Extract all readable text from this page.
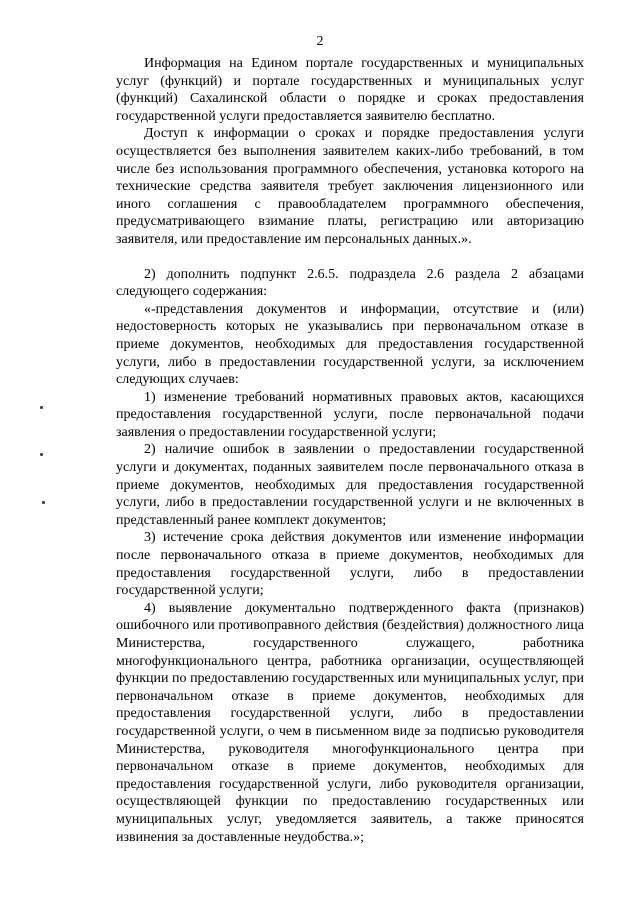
2

Информация на Едином портале государственных и муниципальных услуг (функций) и портале государственных и муниципальных услуг (функций) Сахалинской области о порядке и сроках предоставления государственной услуги предоставляется заявителю бесплатно.

Доступ к информации о сроках и порядке предоставления услуги осуществляется без выполнения заявителем каких-либо требований, в том числе без использования программного обеспечения, установка которого на технические средства заявителя требует заключения лицензионного или иного соглашения с правообладателем программного обеспечения, предусматривающего взимание платы, регистрацию или авторизацию заявителя, или предоставление им персональных данных.».

2) дополнить подпункт 2.6.5. подраздела 2.6 раздела 2 абзацами следующего содержания:

«-представления документов и информации, отсутствие и (или) недостоверность которых не указывались при первоначальном отказе в приеме документов, необходимых для предоставления государственной услуги, либо в предоставлении государственной услуги, за исключением следующих случаев:

1) изменение требований нормативных правовых актов, касающихся предоставления государственной услуги, после первоначальной подачи заявления о предоставлении государственной услуги;

2) наличие ошибок в заявлении о предоставлении государственной услуги и документах, поданных заявителем после первоначального отказа в приеме документов, необходимых для предоставления государственной услуги, либо в предоставлении государственной услуги и не включенных в представленный ранее комплект документов;

3) истечение срока действия документов или изменение информации после первоначального отказа в приеме документов, необходимых для предоставления государственной услуги, либо в предоставлении государственной услуги;

4) выявление документально подтвержденного факта (признаков) ошибочного или противоправного действия (бездействия) должностного лица Министерства, государственного служащего, работника многофункционального центра, работника организации, осуществляющей функции по предоставлению государственных или муниципальных услуг, при первоначальном отказе в приеме документов, необходимых для предоставления государственной услуги, либо в предоставлении государственной услуги, о чем в письменном виде за подписью руководителя Министерства, руководителя многофункционального центра при первоначальном отказе в приеме документов, необходимых для предоставления государственной услуги, либо руководителя организации, осуществляющей функции по предоставлению государственных или муниципальных услуг, уведомляется заявитель, а также приносятся извинения за доставленные неудобства.»;
